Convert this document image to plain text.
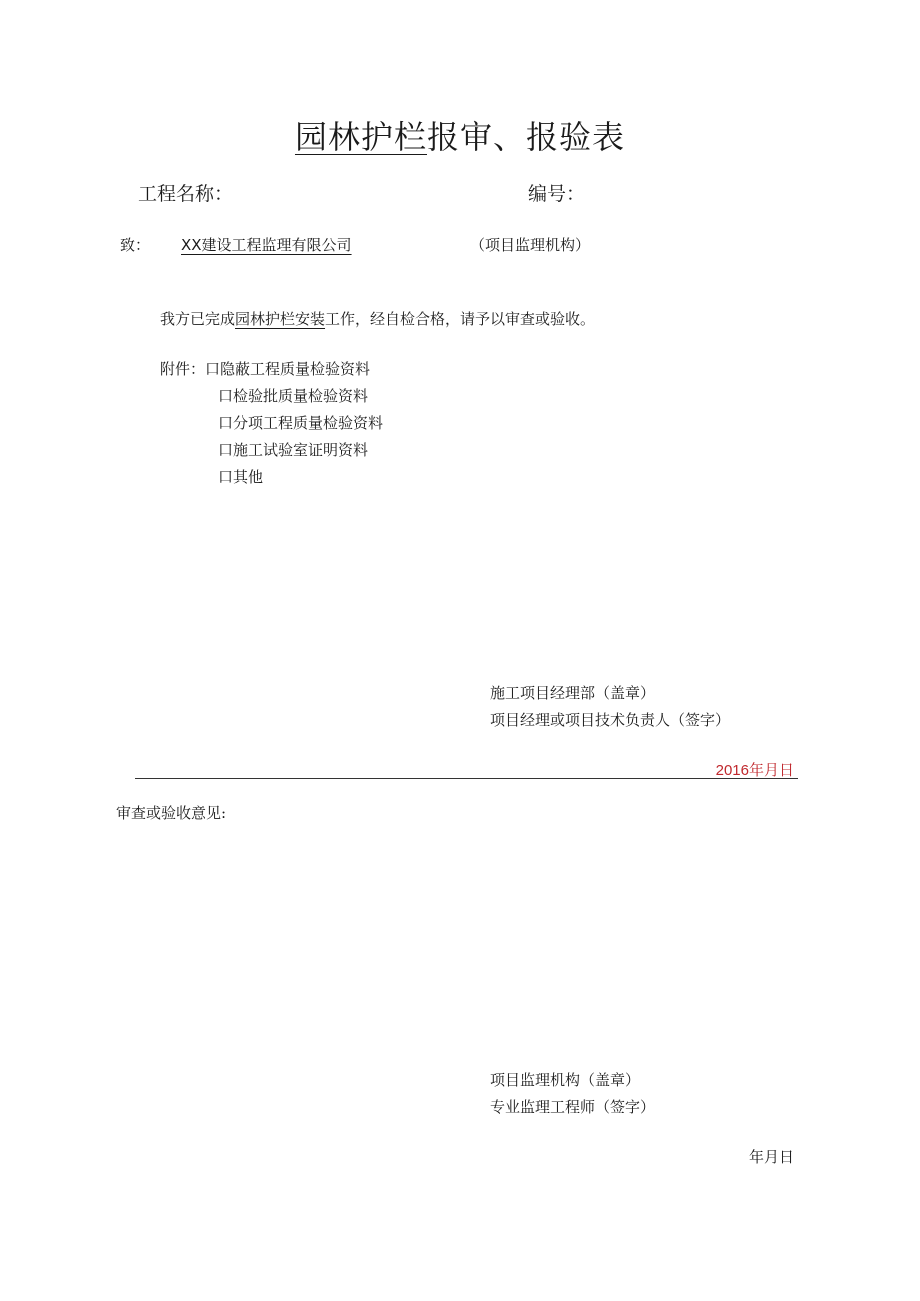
园林护栏报审、报验表
工程名称：	编号：
致： XX建设工程监理有限公司	（项目监理机构）
我方已完成园林护栏安装工作，经自检合格，请予以审查或验收。
附件：口隐蔽工程质量检验资料
口检验批质量检验资料
口分项工程质量检验资料
口施工试验室证明资料
口其他
施工项目经理部（盖章）
项目经理或项目技术负责人（签字）
2016年月日
审查或验收意见:
项目监理机构（盖章）
专业监理工程师（签字）
年月日
